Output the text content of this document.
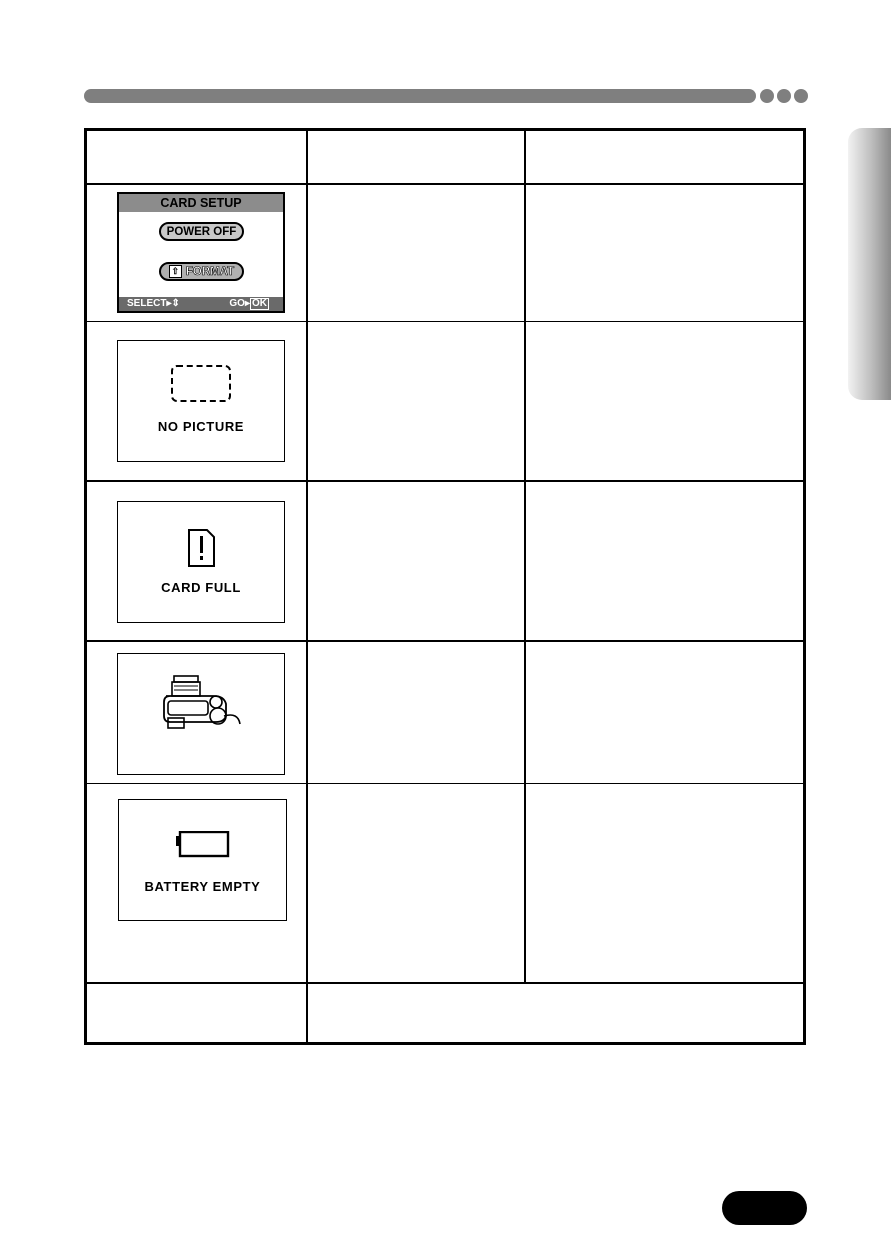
CARD SETUP
POWER OFF
⇧ FORMAT
SELECT▸⇕	GO▸ OK
NO PICTURE
CARD FULL
BATTERY EMPTY
